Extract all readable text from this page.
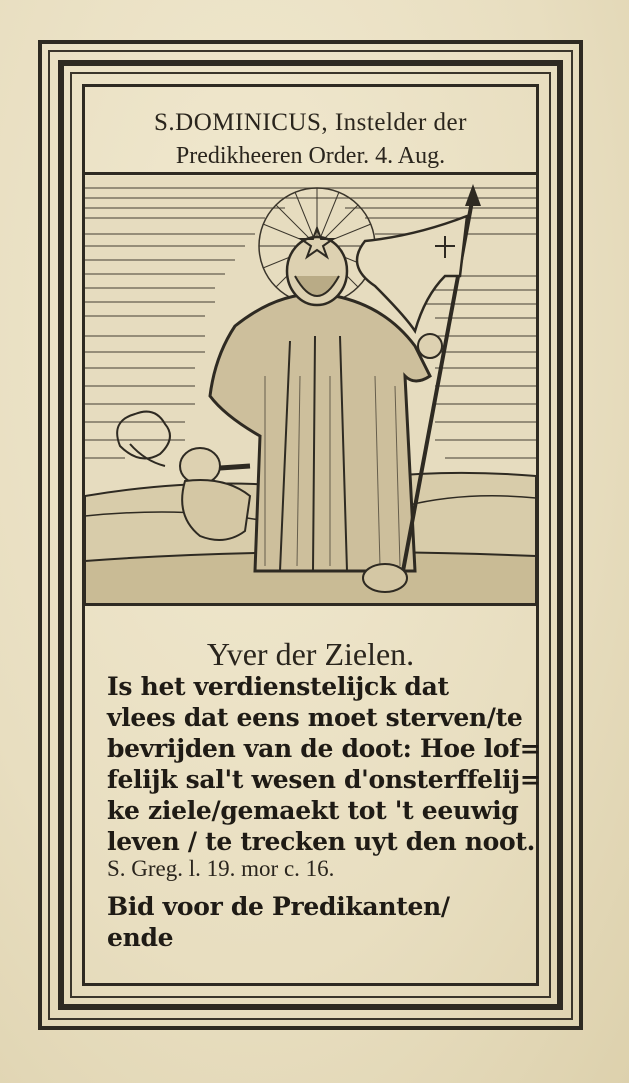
S.DOMINICUS, Instelder der
Predikheeren Order. 4. Aug.
Yver der Zielen.
Is het verdienstelijck dat
vlees dat eens moet sterven/te
bevrijden van de doot: Hoe lof=
felijk sal't wesen d'onsterffelij=
ke ziele/gemaekt tot 't eeuwig
leven / te trecken uyt den noot.
S. Greg. l. 19. mor c. 16.
Bid voor de Predikanten/
ende
